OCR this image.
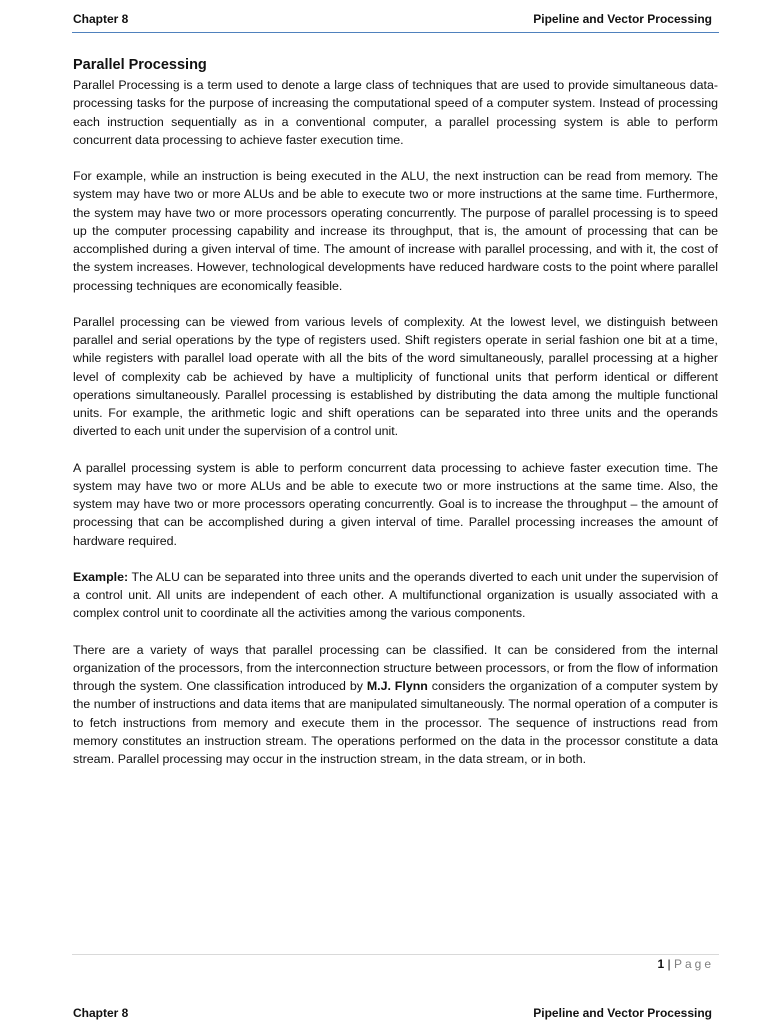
Chapter 8	Pipeline and Vector Processing
Parallel Processing

Parallel Processing is a term used to denote a large class of techniques that are used to provide simultaneous data-processing tasks for the purpose of increasing the computational speed of a computer system. Instead of processing each instruction sequentially as in a conventional computer, a parallel processing system is able to perform concurrent data processing to achieve faster execution time.

For example, while an instruction is being executed in the ALU, the next instruction can be read from memory. The system may have two or more ALUs and be able to execute two or more instructions at the same time. Furthermore, the system may have two or more processors operating concurrently. The purpose of parallel processing is to speed up the computer processing capability and increase its throughput, that is, the amount of processing that can be accomplished during a given interval of time. The amount of increase with parallel processing, and with it, the cost of the system increases. However, technological developments have reduced hardware costs to the point where parallel processing techniques are economically feasible.

Parallel processing can be viewed from various levels of complexity. At the lowest level, we distinguish between parallel and serial operations by the type of registers used. Shift registers operate in serial fashion one bit at a time, while registers with parallel load operate with all the bits of the word simultaneously, parallel processing at a higher level of complexity cab be achieved by have a multiplicity of functional units that perform identical or different operations simultaneously. Parallel processing is established by distributing the data among the multiple functional units. For example, the arithmetic logic and shift operations can be separated into three units and the operands diverted to each unit under the supervision of a control unit.

A parallel processing system is able to perform concurrent data processing to achieve faster execution time. The system may have two or more ALUs and be able to execute two or more instructions at the same time. Also, the system may have two or more processors operating concurrently. Goal is to increase the throughput – the amount of processing that can be accomplished during a given interval of time. Parallel processing increases the amount of hardware required.

Example: The ALU can be separated into three units and the operands diverted to each unit under the supervision of a control unit. All units are independent of each other. A multifunctional organization is usually associated with a complex control unit to coordinate all the activities among the various components.

There are a variety of ways that parallel processing can be classified. It can be considered from the internal organization of the processors, from the interconnection structure between processors, or from the flow of information through the system. One classification introduced by M.J. Flynn considers the organization of a computer system by the number of instructions and data items that are manipulated simultaneously. The normal operation of a computer is to fetch instructions from memory and execute them in the processor. The sequence of instructions read from memory constitutes an instruction stream. The operations performed on the data in the processor constitute a data stream. Parallel processing may occur in the instruction stream, in the data stream, or in both.

1 | Page
Chapter 8	Pipeline and Vector Processing
